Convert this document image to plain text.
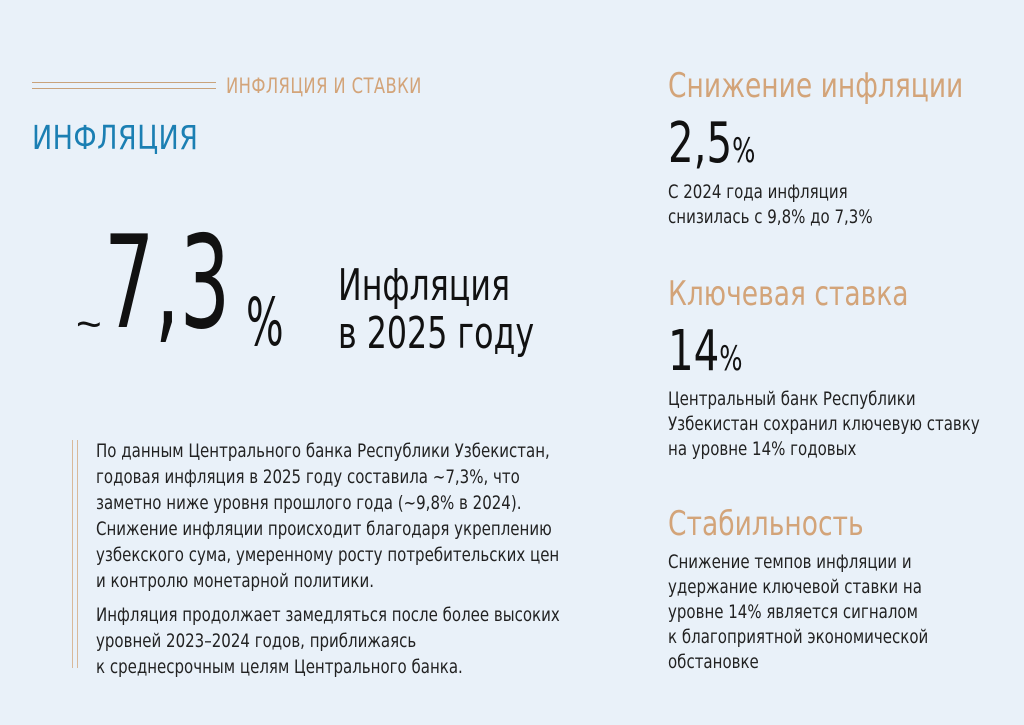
ИНФЛЯЦИЯ И СТАВКИ
ИНФЛЯЦИЯ
~ 7,3 % Инфляция
в 2025 году

По данным Центрального банка Республики Узбекистан,
годовая инфляция в 2025 году составила ~7,3%, что
заметно ниже уровня прошлого года (~9,8% в 2024).
Снижение инфляции происходит благодаря укреплению
узбекского сума, умеренному росту потребительских цен
и контролю монетарной политики.

Инфляция продолжает замедляться после более высоких
уровней 2023–2024 годов, приближаясь
к среднесрочным целям Центрального банка.

Снижение инфляции
2,5%
С 2024 года инфляция
снизилась с 9,8% до 7,3%
Ключевая ставка
14%
Центральный банк Республики
Узбекистан сохранил ключевую ставку
на уровне 14% годовых
Стабильность
Снижение темпов инфляции и
удержание ключевой ставки на
уровне 14% является сигналом
к благоприятной экономической
обстановке
